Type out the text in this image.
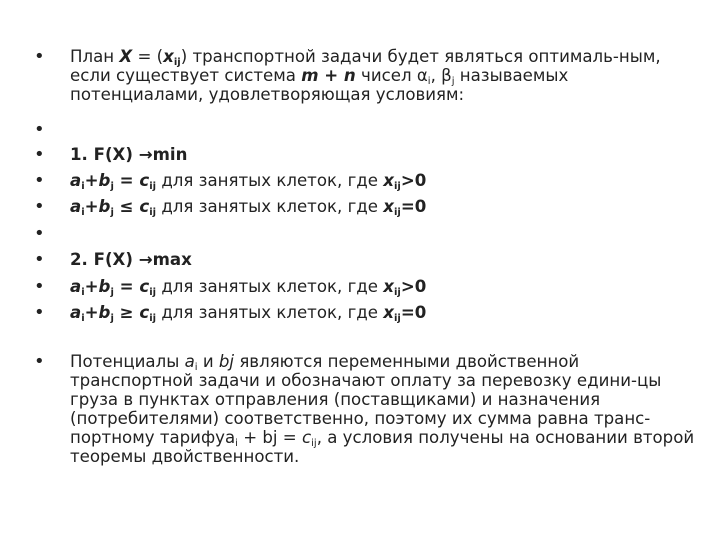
•
План $X = (x_{ij})$ транспортной задачи будет являться оптималь-ным, если существует система m + n чисел $\alpha_i$, $\beta_j$ называемых потенциалами, удовлетворяющая условиям:
•
•
1. F(X) →min
•
$a_i+b_j = c_{ij}$ для занятых клеток, где $x_{ij}>0$
•
$a_i+b_j \le c_{ij}$ для занятых клеток, где $x_{ij}=0$
•
•
2. F(X) →max
•
$a_i+b_j = c_{ij}$ для занятых клеток, где $x_{ij}>0$
•
$a_i+b_j \ge c_{ij}$ для занятых клеток, где $x_{ij}=0$
•
Потенциалы $a_i$ и bj являются переменными двойственной транспортной задачи и обозначают оплату за перевозку едини-цы груза в пунктах отправления (поставщиками) и назначения (потребителями) соответственно, поэтому их сумма равна транс-портному тарифуa$_i$ + bj = $c_{ij}$, а условия получены на основании второй теоремы двойственности.
